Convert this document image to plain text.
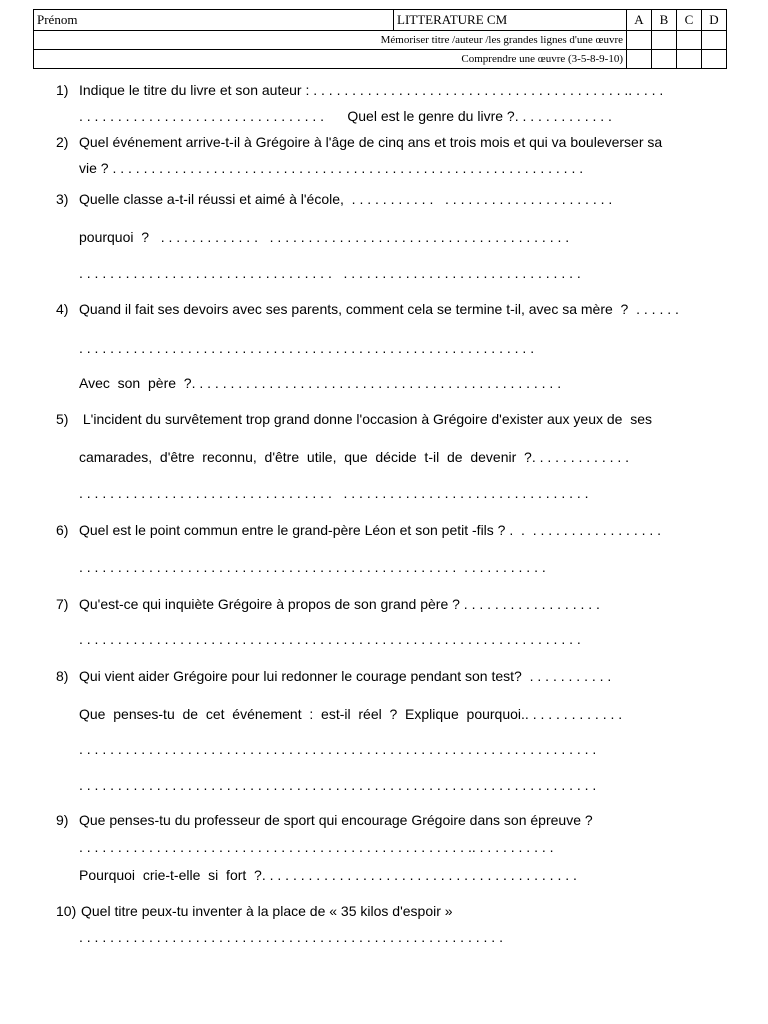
Prénom	LITTERATURE CM	A	B	C	D
Mémoriser titre /auteur /les grandes lignes d'une œuvre					
Comprendre une œuvre (3-5-8-9-10)					
1) Indique le titre du livre et son auteur : . . . . . . . . . . . . . . . . . . . . . . . . . . . . . . . . . . . . . . . . .. . . . .
. . . . . . . . . . . . . . . . . . . . . . . . . . . . . . . .      Quel est le genre du livre ?. . . . . . . . . . . . .
2) Quel événement arrive-t-il à Grégoire à l'âge de cinq ans et trois mois et qui va bouleverser sa
vie ? . . . . . . . . . . . . . . . . . . . . . . . . . . . . . . . . . . . . . . . . . . . . . . . . . . . . . . . . . . . . .
3) Quelle classe a-t-il réussi et aimé à l'école,  . . . . . . . . . . .   . . . . . . . . . . . . . . . . . . . . . .
pourquoi  ?   . . . . . . . . . . . . .   . . . . . . . . . . . . . . . . . . . . . . . . . . . . . . . . . . . . . . .
. . . . . . . . . . . . . . . . . . . . . . . . . . . . . . . . .   . . . . . . . . . . . . . . . . . . . . . . . . . . . . . . .
4) Quand il fait ses devoirs avec ses parents, comment cela se termine t-il, avec sa mère  ?  . . . . . .
. . . . . . . . . . . . . . . . . . . . . . . . . . . . . . . . . . . . . . . . . . . . . . . . . . . . . . . . . . .
Avec  son  père  ?. . . . . . . . . . . . . . . . . . . . . . . . . . . . . . . . . . . . . . . . . . . . . . . .
5) L'incident du survêtement trop grand donne l'occasion à Grégoire d'exister aux yeux de  ses
camarades,  d'être  reconnu,  d'être  utile,  que  décide  t-il  de  devenir  ?. . . . . . . . . . . . .
. . . . . . . . . . . . . . . . . . . . . . . . . . . . . . . . .   . . . . . . . . . . . . . . . . . . . . . . . . . . . . . . . .
6) Quel est le point commun entre le grand-père Léon et son petit -fils ? .  .  . . . . . . . . . . . . . . . . .
. . . . . . . . . . . . . . . . . . . . . . . . . . . . . . . . . . . . . . . . . . . . . . . . .  . . . . . . . . . . .
7) Qu'est-ce qui inquiète Grégoire à propos de son grand père ? . . . . . . . . . . . . . . . . . .
. . . . . . . . . . . . . . . . . . . . . . . . . . . . . . . . . . . . . . . . . . . . . . . . . . . . . . . . . . . . . . . . .
8) Qui vient aider Grégoire pour lui redonner le courage pendant son test?  . . . . . . . . . . .
Que  penses-tu  de  cet  événement  :  est-il  réel  ?  Explique  pourquoi.. . . . . . . . . . . . .
. . . . . . . . . . . . . . . . . . . . . . . . . . . . . . . . . . . . . . . . . . . . . . . . . . . . . . . . . . . . . . . . . . .
. . . . . . . . . . . . . . . . . . . . . . . . . . . . . . . . . . . . . . . . . . . . . . . . . . . . . . . . . . . . . . . . . . .
9) Que penses-tu du professeur de sport qui encourage Grégoire dans son épreuve ?
. . . . . . . . . . . . . . . . . . . . . . . . . . . . . . . . . . . . . . . . . . . . . . . . . . .. . . . . . . . . . .
Pourquoi  crie-t-elle  si  fort  ?. . . . . . . . . . . . . . . . . . . . . . . . . . . . . . . . . . . . . . . . .
10) Quel titre peux-tu inventer à la place de « 35 kilos d'espoir »
. . . . . . . . . . . . . . . . . . . . . . . . . . . . . . . . . . . . . . . . . . . . . . . . . . . . . . .
